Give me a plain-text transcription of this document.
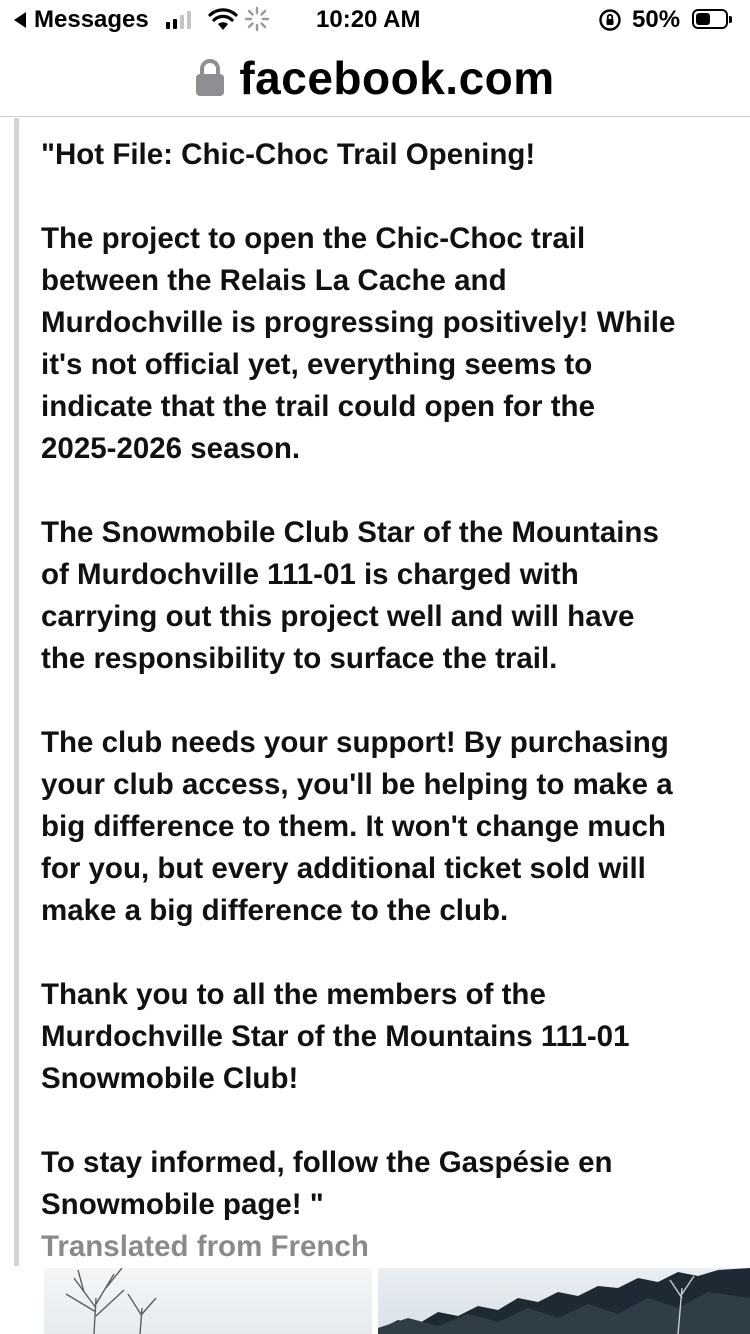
Messages	10:20 AM	50%
facebook.com

"Hot File: Chic-Choc Trail Opening!

The project to open the Chic-Choc trail
between the Relais La Cache and
Murdochville is progressing positively! While
it's not official yet, everything seems to
indicate that the trail could open for the
2025-2026 season.

The Snowmobile Club Star of the Mountains
of Murdochville 111-01 is charged with
carrying out this project well and will have
the responsibility to surface the trail.

The club needs your support! By purchasing
your club access, you'll be helping to make a
big difference to them. It won't change much
for you, but every additional ticket sold will
make a big difference to the club.

Thank you to all the members of the
Murdochville Star of the Mountains 111-01
Snowmobile Club!

To stay informed, follow the Gaspésie en
Snowmobile page! "

Translated from French
